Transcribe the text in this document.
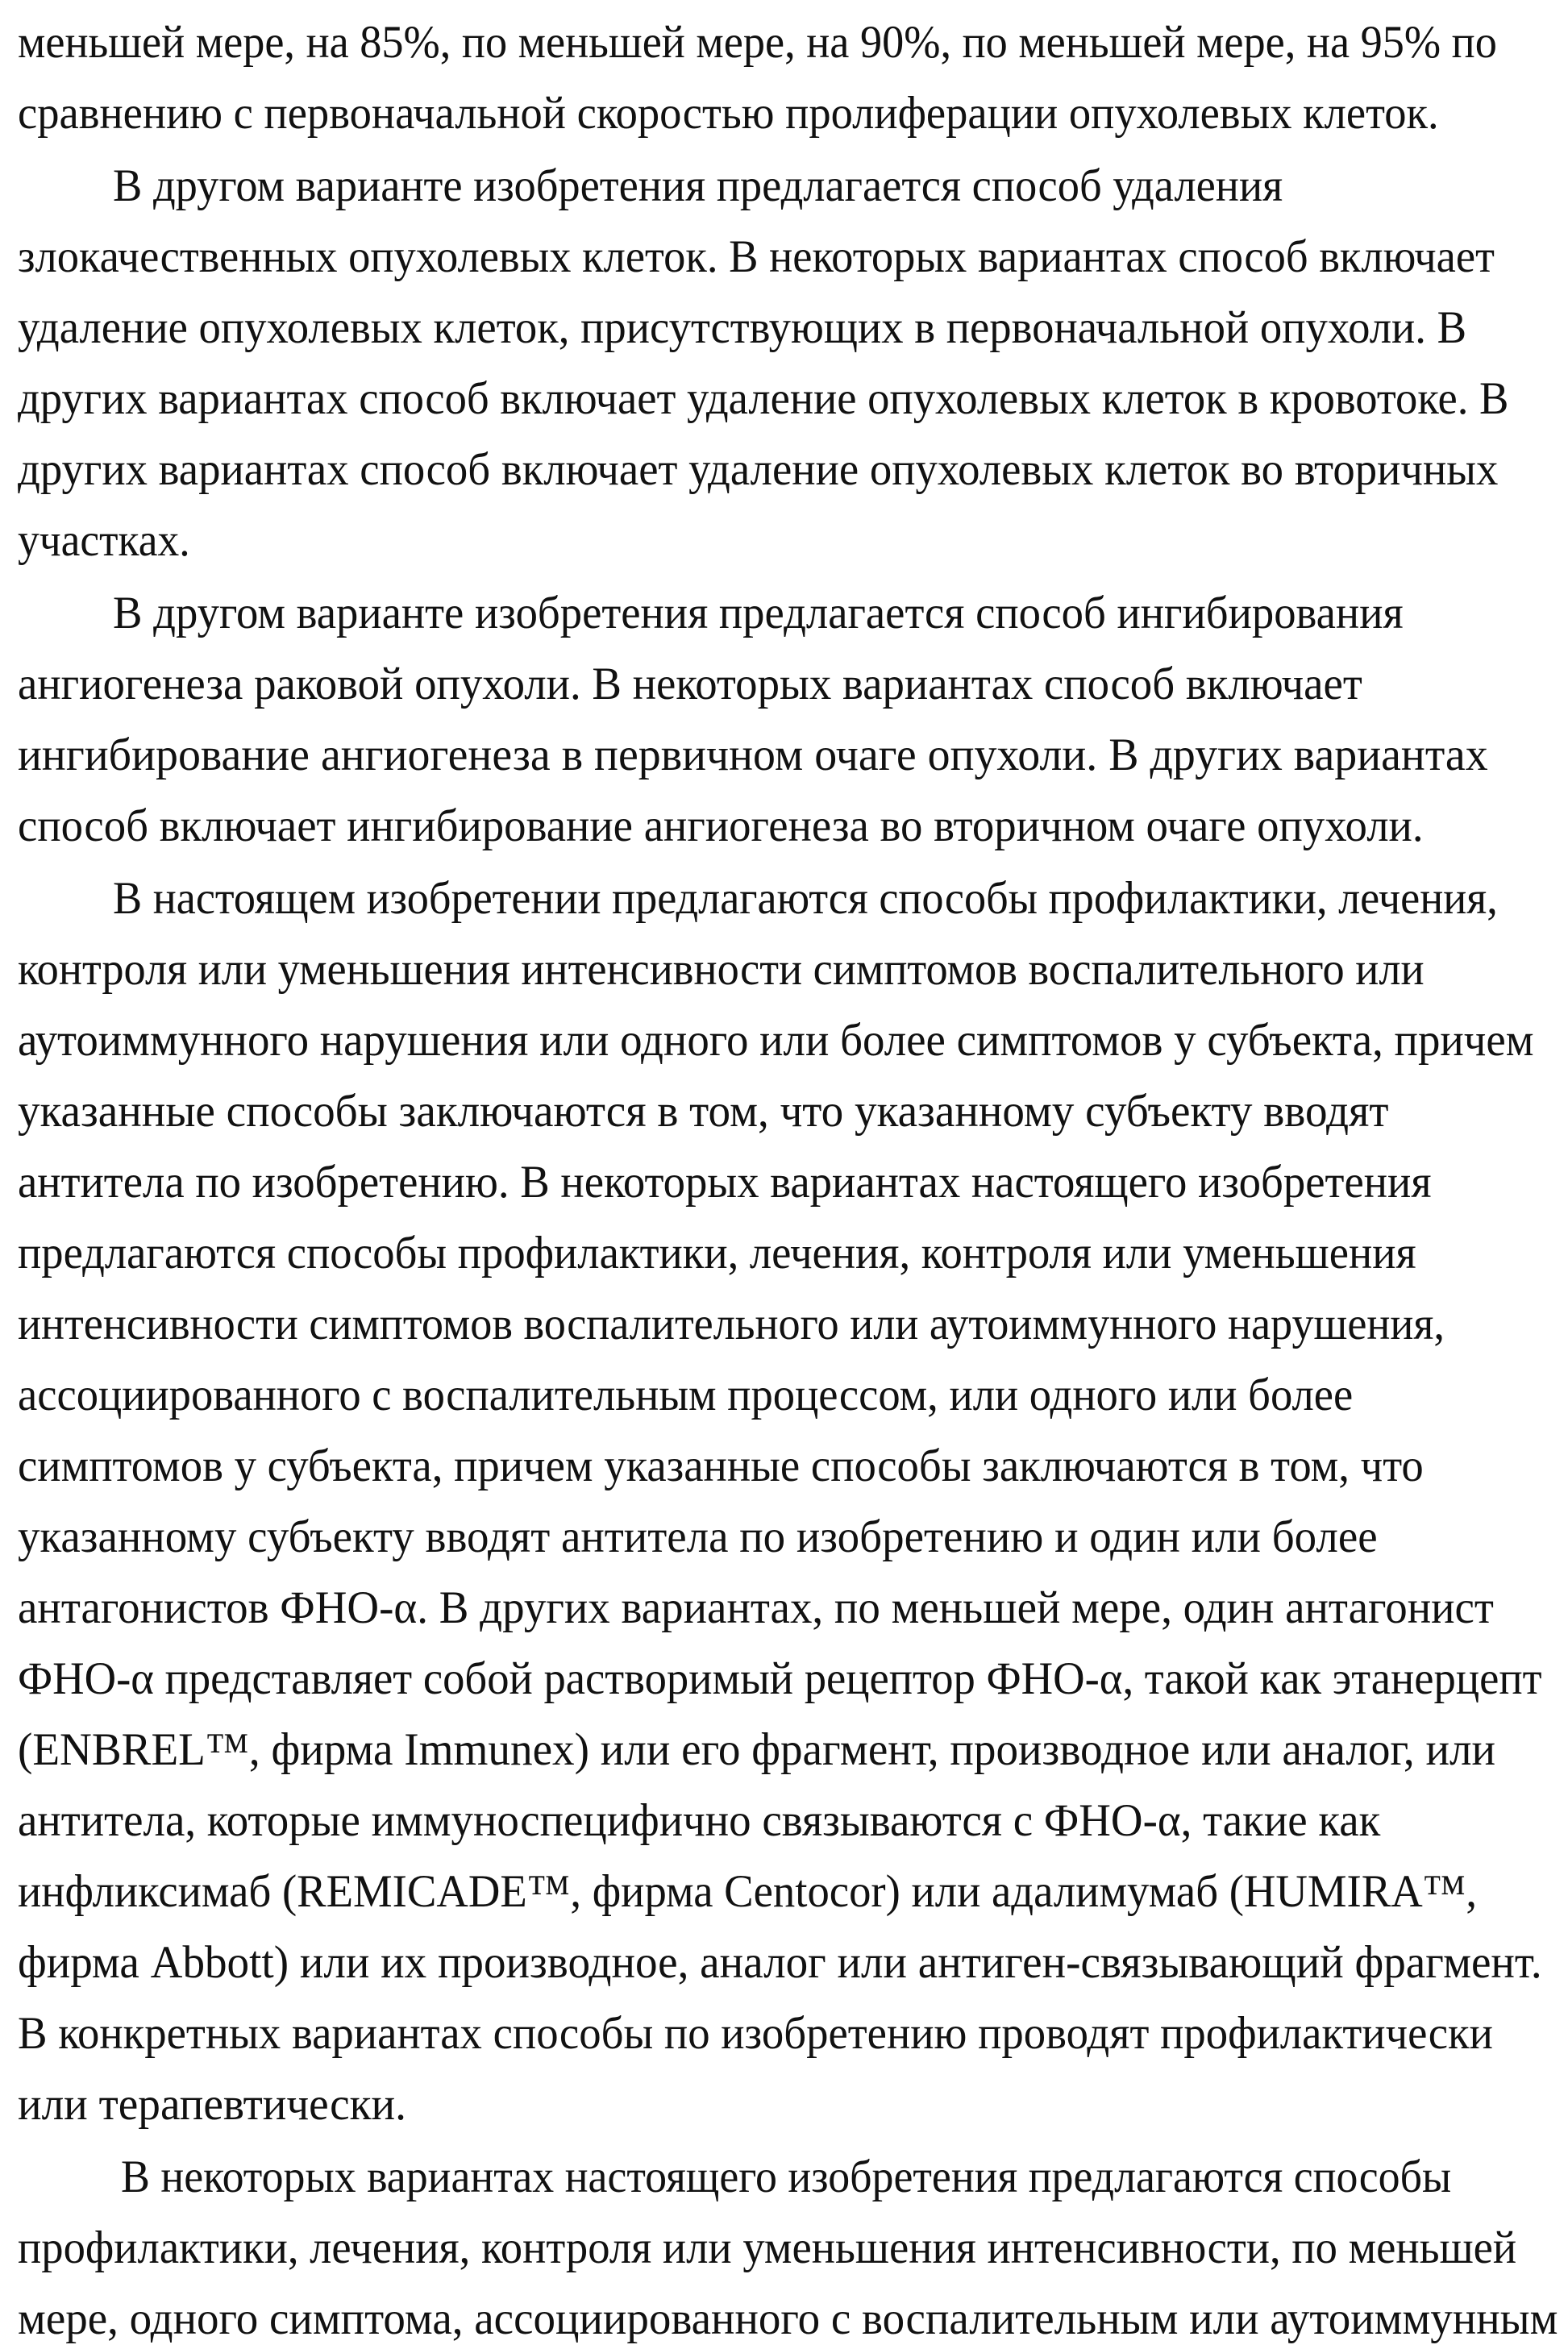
меньшей мере, на 85%, по меньшей мере, на 90%, по меньшей мере, на 95% по
сравнению с первоначальной скоростью пролиферации опухолевых клеток.
В другом варианте изобретения предлагается способ удаления
злокачественных опухолевых клеток. В некоторых вариантах способ включает
удаление опухолевых клеток, присутствующих в первоначальной опухоли. В
других вариантах способ включает удаление опухолевых клеток в кровотоке. В
других вариантах способ включает удаление опухолевых клеток во вторичных
участках.
В другом варианте изобретения предлагается способ ингибирования
ангиогенеза раковой опухоли. В некоторых вариантах способ включает
ингибирование ангиогенеза в первичном очаге опухоли. В других вариантах
способ включает ингибирование ангиогенеза во вторичном очаге опухоли.
В настоящем изобретении предлагаются способы профилактики, лечения,
контроля или уменьшения интенсивности симптомов воспалительного или
аутоиммунного нарушения или одного или более симптомов у субъекта, причем
указанные способы заключаются в том, что указанному субъекту вводят
антитела по изобретению. В некоторых вариантах настоящего изобретения
предлагаются способы профилактики, лечения, контроля или уменьшения
интенсивности симптомов воспалительного или аутоиммунного нарушения,
ассоциированного с воспалительным процессом, или одного или более
симптомов у субъекта, причем указанные способы заключаются в том, что
указанному субъекту вводят антитела по изобретению и один или более
антагонистов ФНО-α. В других вариантах, по меньшей мере, один антагонист
ФНО-α представляет собой растворимый рецептор ФНО-α, такой как этанерцепт
(ENBREL™, фирма Immunex) или его фрагмент, производное или аналог, или
антитела, которые иммуноспецифично связываются с ФНО-α, такие как
инфликсимаб (REMICADE™, фирма Centocor) или адалимумаб (HUMIRA™,
фирма Abbott) или их производное, аналог или антиген-связывающий фрагмент.
В конкретных вариантах способы по изобретению проводят профилактически
или терапевтически.
В некоторых вариантах настоящего изобретения предлагаются способы
профилактики, лечения, контроля или уменьшения интенсивности, по меньшей
мере, одного симптома, ассоциированного с воспалительным или аутоиммунным
